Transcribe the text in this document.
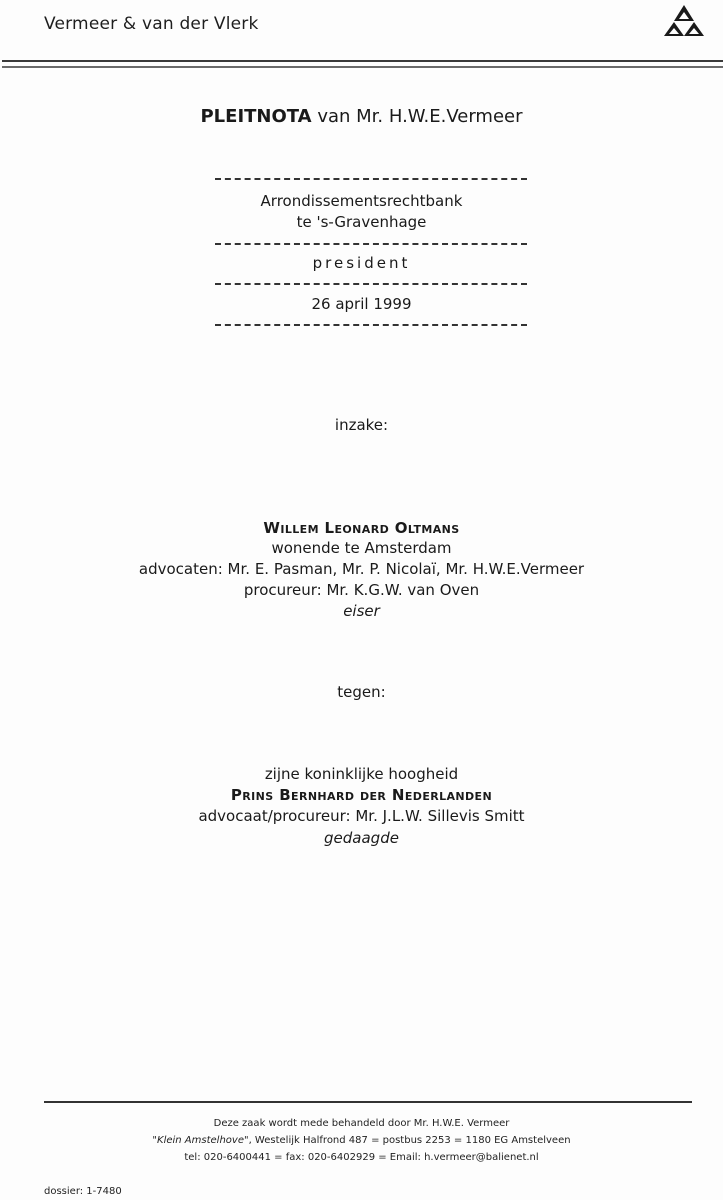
Vermeer & van der Vlerk
PLEITNOTA van Mr. H.W.E.Vermeer
Arrondissementsrechtbank
te 's-Gravenhage
president
26 april 1999
inzake:
Willem Leonard Oltmans
wonende te Amsterdam
advocaten: Mr. E. Pasman, Mr. P. Nicolaï, Mr. H.W.E.Vermeer
procureur: Mr. K.G.W. van Oven
eiser
tegen:
zijne koninklijke hoogheid
Prins Bernhard der Nederlanden
advocaat/procureur: Mr. J.L.W. Sillevis Smitt
gedaagde
Deze zaak wordt mede behandeld door Mr. H.W.E. Vermeer
"Klein Amstelhove", Westelijk Halfrond 487 = postbus 2253 = 1180 EG Amstelveen
tel: 020-6400441 = fax: 020-6402929 = Email: h.vermeer@balienet.nl
dossier: 1-7480
